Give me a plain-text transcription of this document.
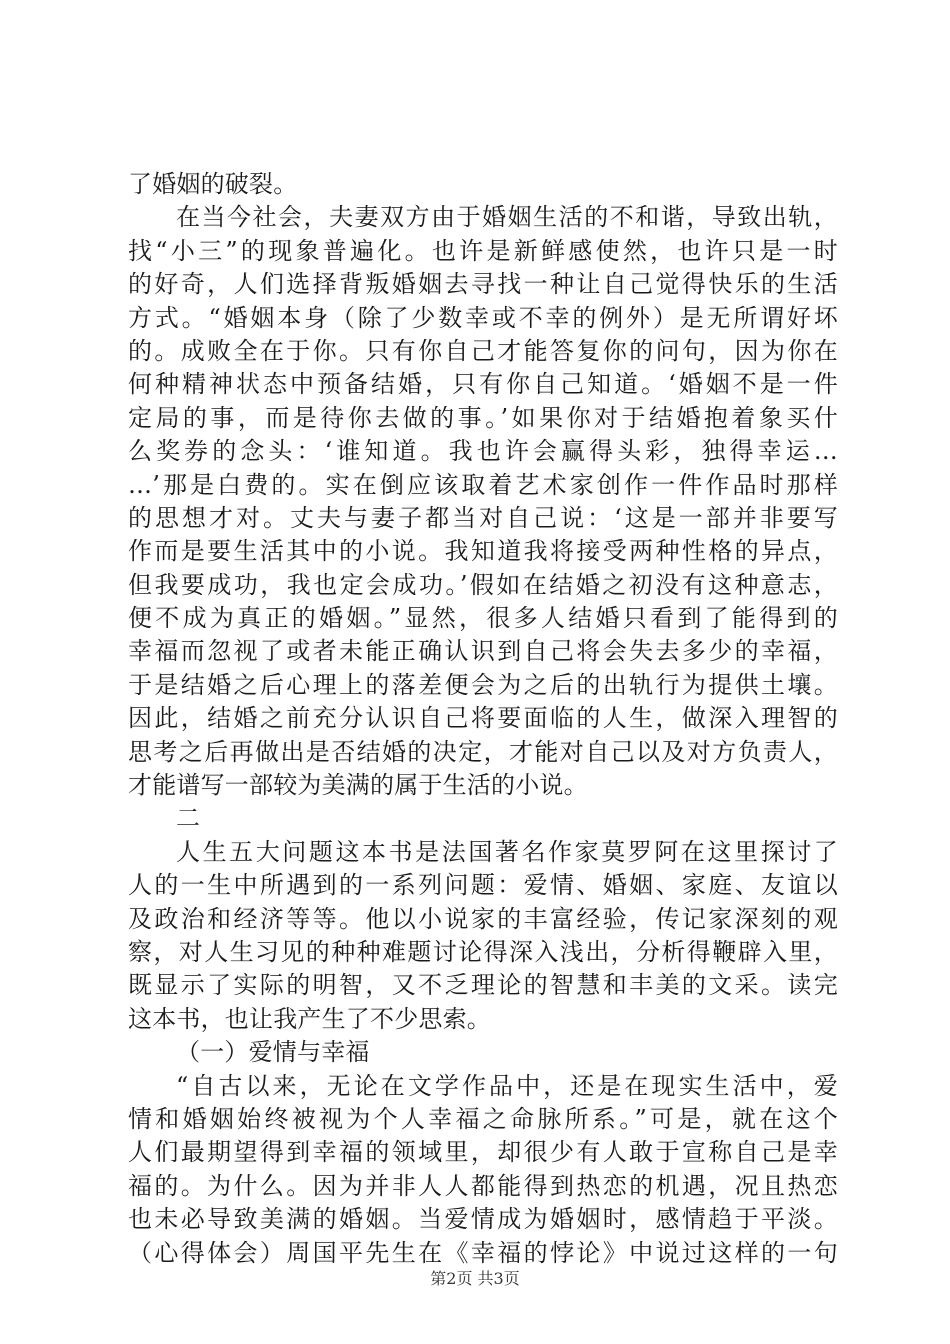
了婚姻的破裂。
在当今社会，夫妻双方由于婚姻生活的不和谐，导致出轨，
找“小三”的现象普遍化。也许是新鲜感使然，也许只是一时
的好奇，人们选择背叛婚姻去寻找一种让自己觉得快乐的生活
方式。“婚姻本身（除了少数幸或不幸的例外）是无所谓好坏
的。成败全在于你。只有你自己才能答复你的问句，因为你在
何种精神状态中预备结婚，只有你自己知道。‘婚姻不是一件
定局的事，而是待你去做的事。’如果你对于结婚抱着象买什
么奖券的念头：‘谁知道。我也许会赢得头彩，独得幸运…
…’那是白费的。实在倒应该取着艺术家创作一件作品时那样
的思想才对。丈夫与妻子都当对自己说：‘这是一部并非要写
作而是要生活其中的小说。我知道我将接受两种性格的异点，
但我要成功，我也定会成功。’假如在结婚之初没有这种意志，
便不成为真正的婚姻。”显然，很多人结婚只看到了能得到的
幸福而忽视了或者未能正确认识到自己将会失去多少的幸福，
于是结婚之后心理上的落差便会为之后的出轨行为提供土壤。
因此，结婚之前充分认识自己将要面临的人生，做深入理智的
思考之后再做出是否结婚的决定，才能对自己以及对方负责人，
才能谱写一部较为美满的属于生活的小说。
二
人生五大问题这本书是法国著名作家莫罗阿在这里探讨了
人的一生中所遇到的一系列问题：爱情、婚姻、家庭、友谊以
及政治和经济等等。他以小说家的丰富经验，传记家深刻的观
察，对人生习见的种种难题讨论得深入浅出，分析得鞭辟入里，
既显示了实际的明智，又不乏理论的智慧和丰美的文采。读完
这本书，也让我产生了不少思索。
（一）爱情与幸福
“自古以来，无论在文学作品中，还是在现实生活中，爱
情和婚姻始终被视为个人幸福之命脉所系。”可是，就在这个
人们最期望得到幸福的领域里，却很少有人敢于宣称自己是幸
福的。为什么。因为并非人人都能得到热恋的机遇，况且热恋
也未必导致美满的婚姻。当爱情成为婚姻时，感情趋于平淡。
（心得体会）周国平先生在《幸福的悖论》中说过这样的一句
第2页 共3页
